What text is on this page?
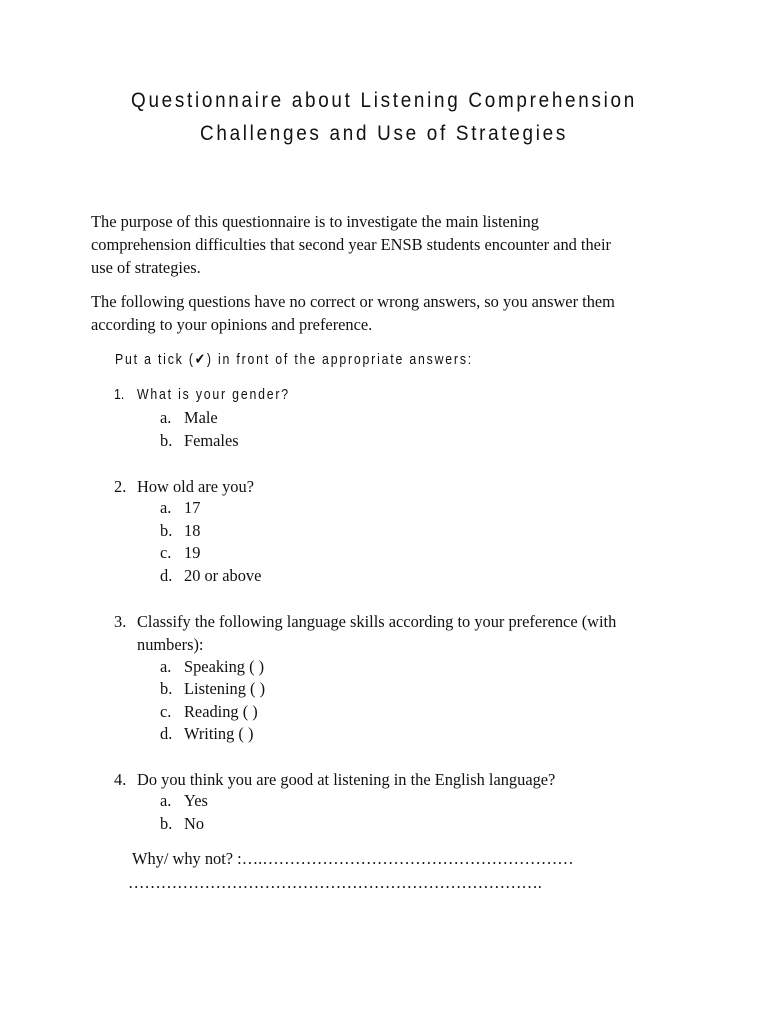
Questionnaire about Listening Comprehension
Challenges and Use of Strategies
The purpose of this questionnaire is to investigate the main listening
comprehension difficulties that second year ENSB students encounter and their
use of strategies.
The following questions have no correct or wrong answers, so you answer them
according to your opinions and preference.
Put a tick (✔) in front of the appropriate answers:
1. What is your gender?
a. Male
b. Females
2. How old are you?
a. 17
b. 18
c. 19
d. 20 or above
3. Classify the following language skills according to your preference (with
numbers):
a. Speaking ( )
b. Listening ( )
c. Reading ( )
d. Writing ( )
4. Do you think you are good at listening in the English language?
a. Yes
b. No
Why/ why not? :….…………………………………………………
………………………………………………………………….
